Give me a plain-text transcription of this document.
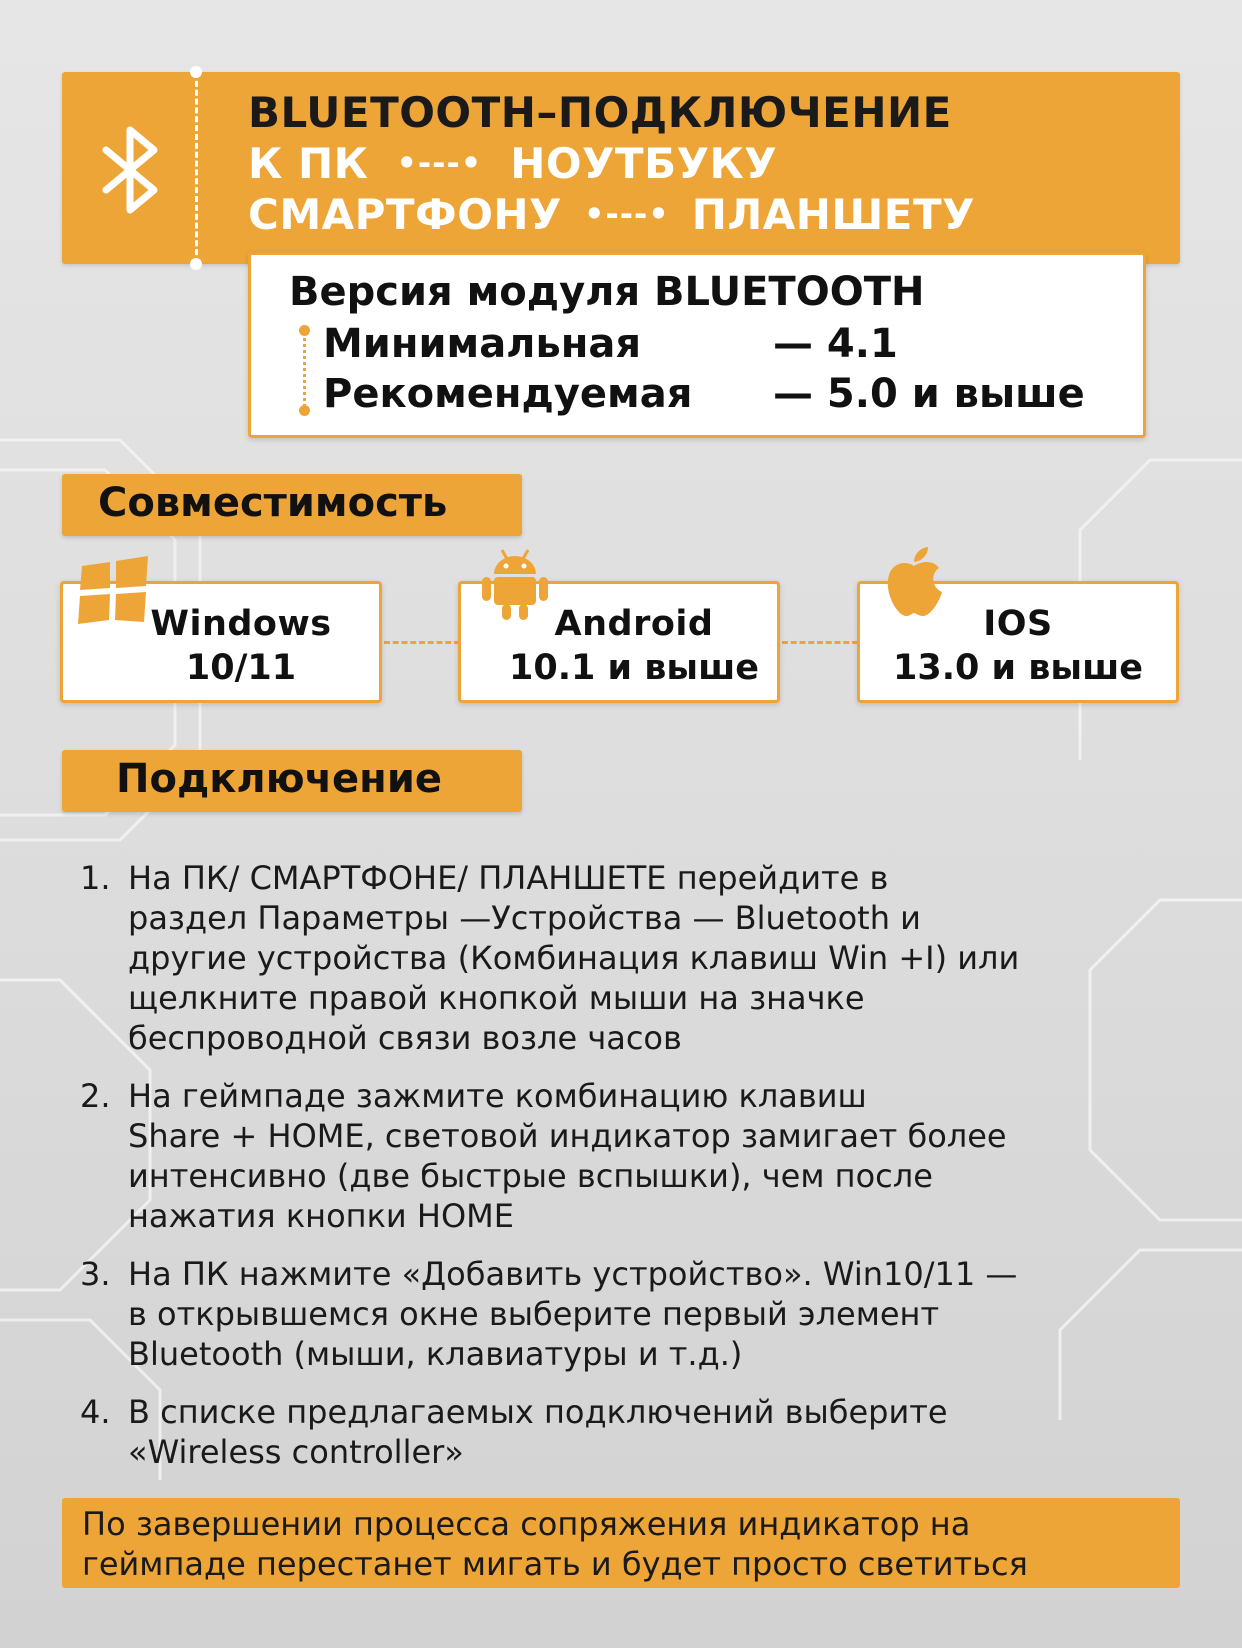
BLUETOOTH–ПОДКЛЮЧЕНИЕ
К ПК •---• НОУТБУКУ
СМАРТФОНУ •---• ПЛАНШЕТУ
Версия модуля BLUETOOTH
Минимальная	— 4.1
Рекомендуемая — 5.0 и выше
Совместимость
Windows
10/11
Android
10.1 и выше
IOS
13.0 и выше
Подключение
1. На ПК/ СМАРТФОНЕ/ ПЛАНШЕТЕ перейдите в
раздел Параметры —Устройства — Bluetooth и
другие устройства (Комбинация клавиш Win +I) или
щелкните правой кнопкой мыши на значке
беспроводной связи возле часов
2. На геймпаде зажмите комбинацию клавиш
Share + HOME, световой индикатор замигает более
интенсивно (две быстрые вспышки), чем после
нажатия кнопки HOME
3. На ПК нажмите «Добавить устройство». Win10/11 —
в открывшемся окне выберите первый элемент
Bluetooth (мыши, клавиатуры и т.д.)
4. В списке предлагаемых подключений выберите
«Wireless controller»
По завершении процесса сопряжения индикатор на
геймпаде перестанет мигать и будет просто светиться
